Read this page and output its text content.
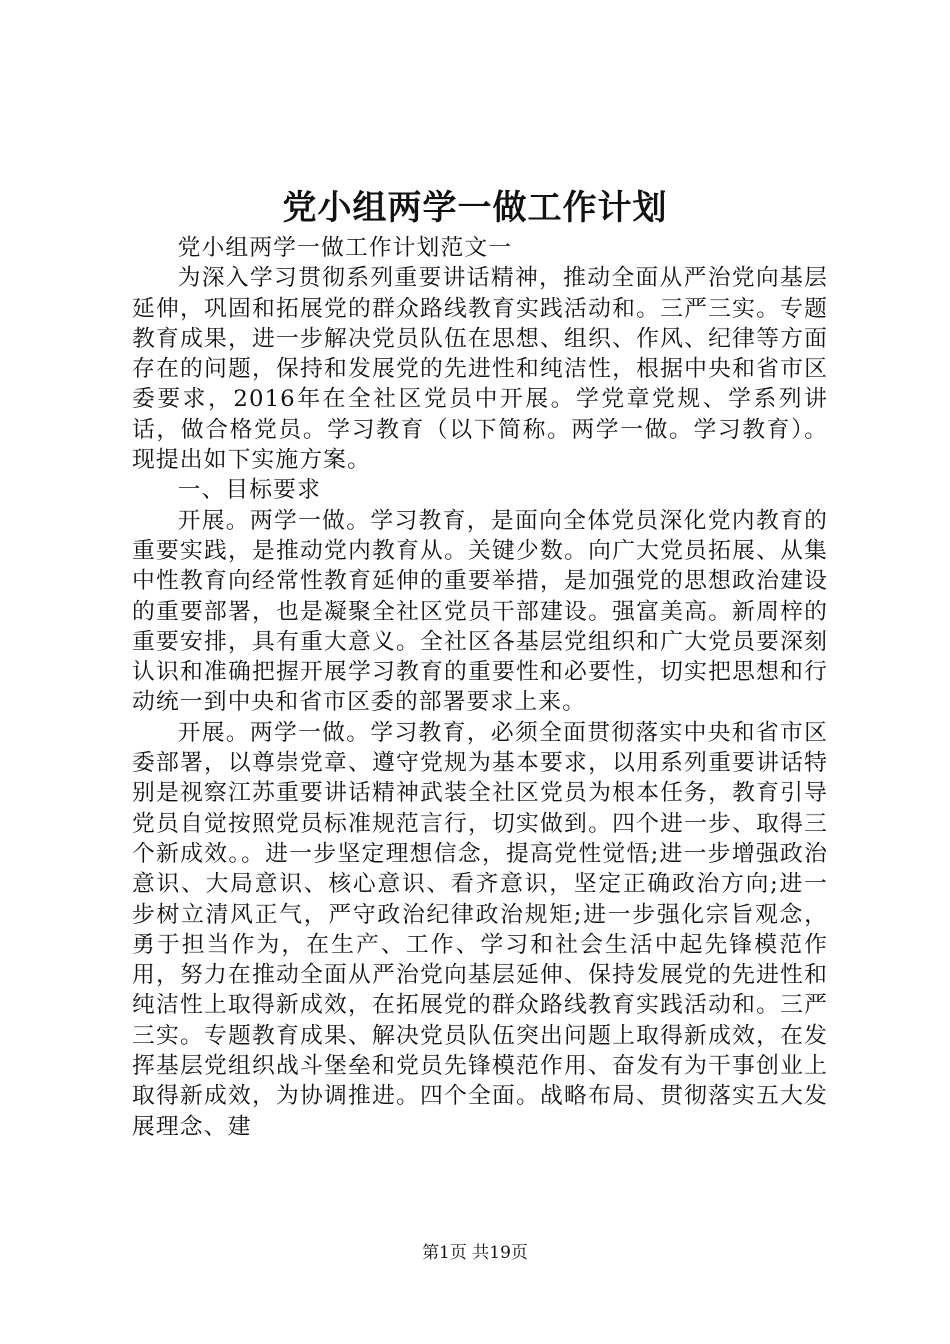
党小组两学一做工作计划

党小组两学一做工作计划范文一

为深入学习贯彻系列重要讲话精神，推动全面从严治党向基层延伸，巩固和拓展党的群众路线教育实践活动和。三严三实。专题教育成果，进一步解决党员队伍在思想、组织、作风、纪律等方面存在的问题，保持和发展党的先进性和纯洁性，根据中央和省市区委要求，2016年在全社区党员中开展。学党章党规、学系列讲话，做合格党员。学习教育（以下简称。两学一做。学习教育）。现提出如下实施方案。

一、目标要求

开展。两学一做。学习教育，是面向全体党员深化党内教育的重要实践，是推动党内教育从。关键少数。向广大党员拓展、从集中性教育向经常性教育延伸的重要举措，是加强党的思想政治建设的重要部署，也是凝聚全社区党员干部建设。强富美高。新周梓的重要安排，具有重大意义。全社区各基层党组织和广大党员要深刻认识和准确把握开展学习教育的重要性和必要性，切实把思想和行动统一到中央和省市区委的部署要求上来。

开展。两学一做。学习教育，必须全面贯彻落实中央和省市区委部署，以尊崇党章、遵守党规为基本要求，以用系列重要讲话特别是视察江苏重要讲话精神武装全社区党员为根本任务，教育引导党员自觉按照党员标准规范言行，切实做到。四个进一步、取得三个新成效。。进一步坚定理想信念，提高党性觉悟;进一步增强政治意识、大局意识、核心意识、看齐意识，坚定正确政治方向;进一步树立清风正气，严守政治纪律政治规矩;进一步强化宗旨观念，勇于担当作为，在生产、工作、学习和社会生活中起先锋模范作用，努力在推动全面从严治党向基层延伸、保持发展党的先进性和纯洁性上取得新成效，在拓展党的群众路线教育实践活动和。三严三实。专题教育成果、解决党员队伍突出问题上取得新成效，在发挥基层党组织战斗堡垒和党员先锋模范作用、奋发有为干事创业上取得新成效，为协调推进。四个全面。战略布局、贯彻落实五大发展理念、建

第1页 共19页
